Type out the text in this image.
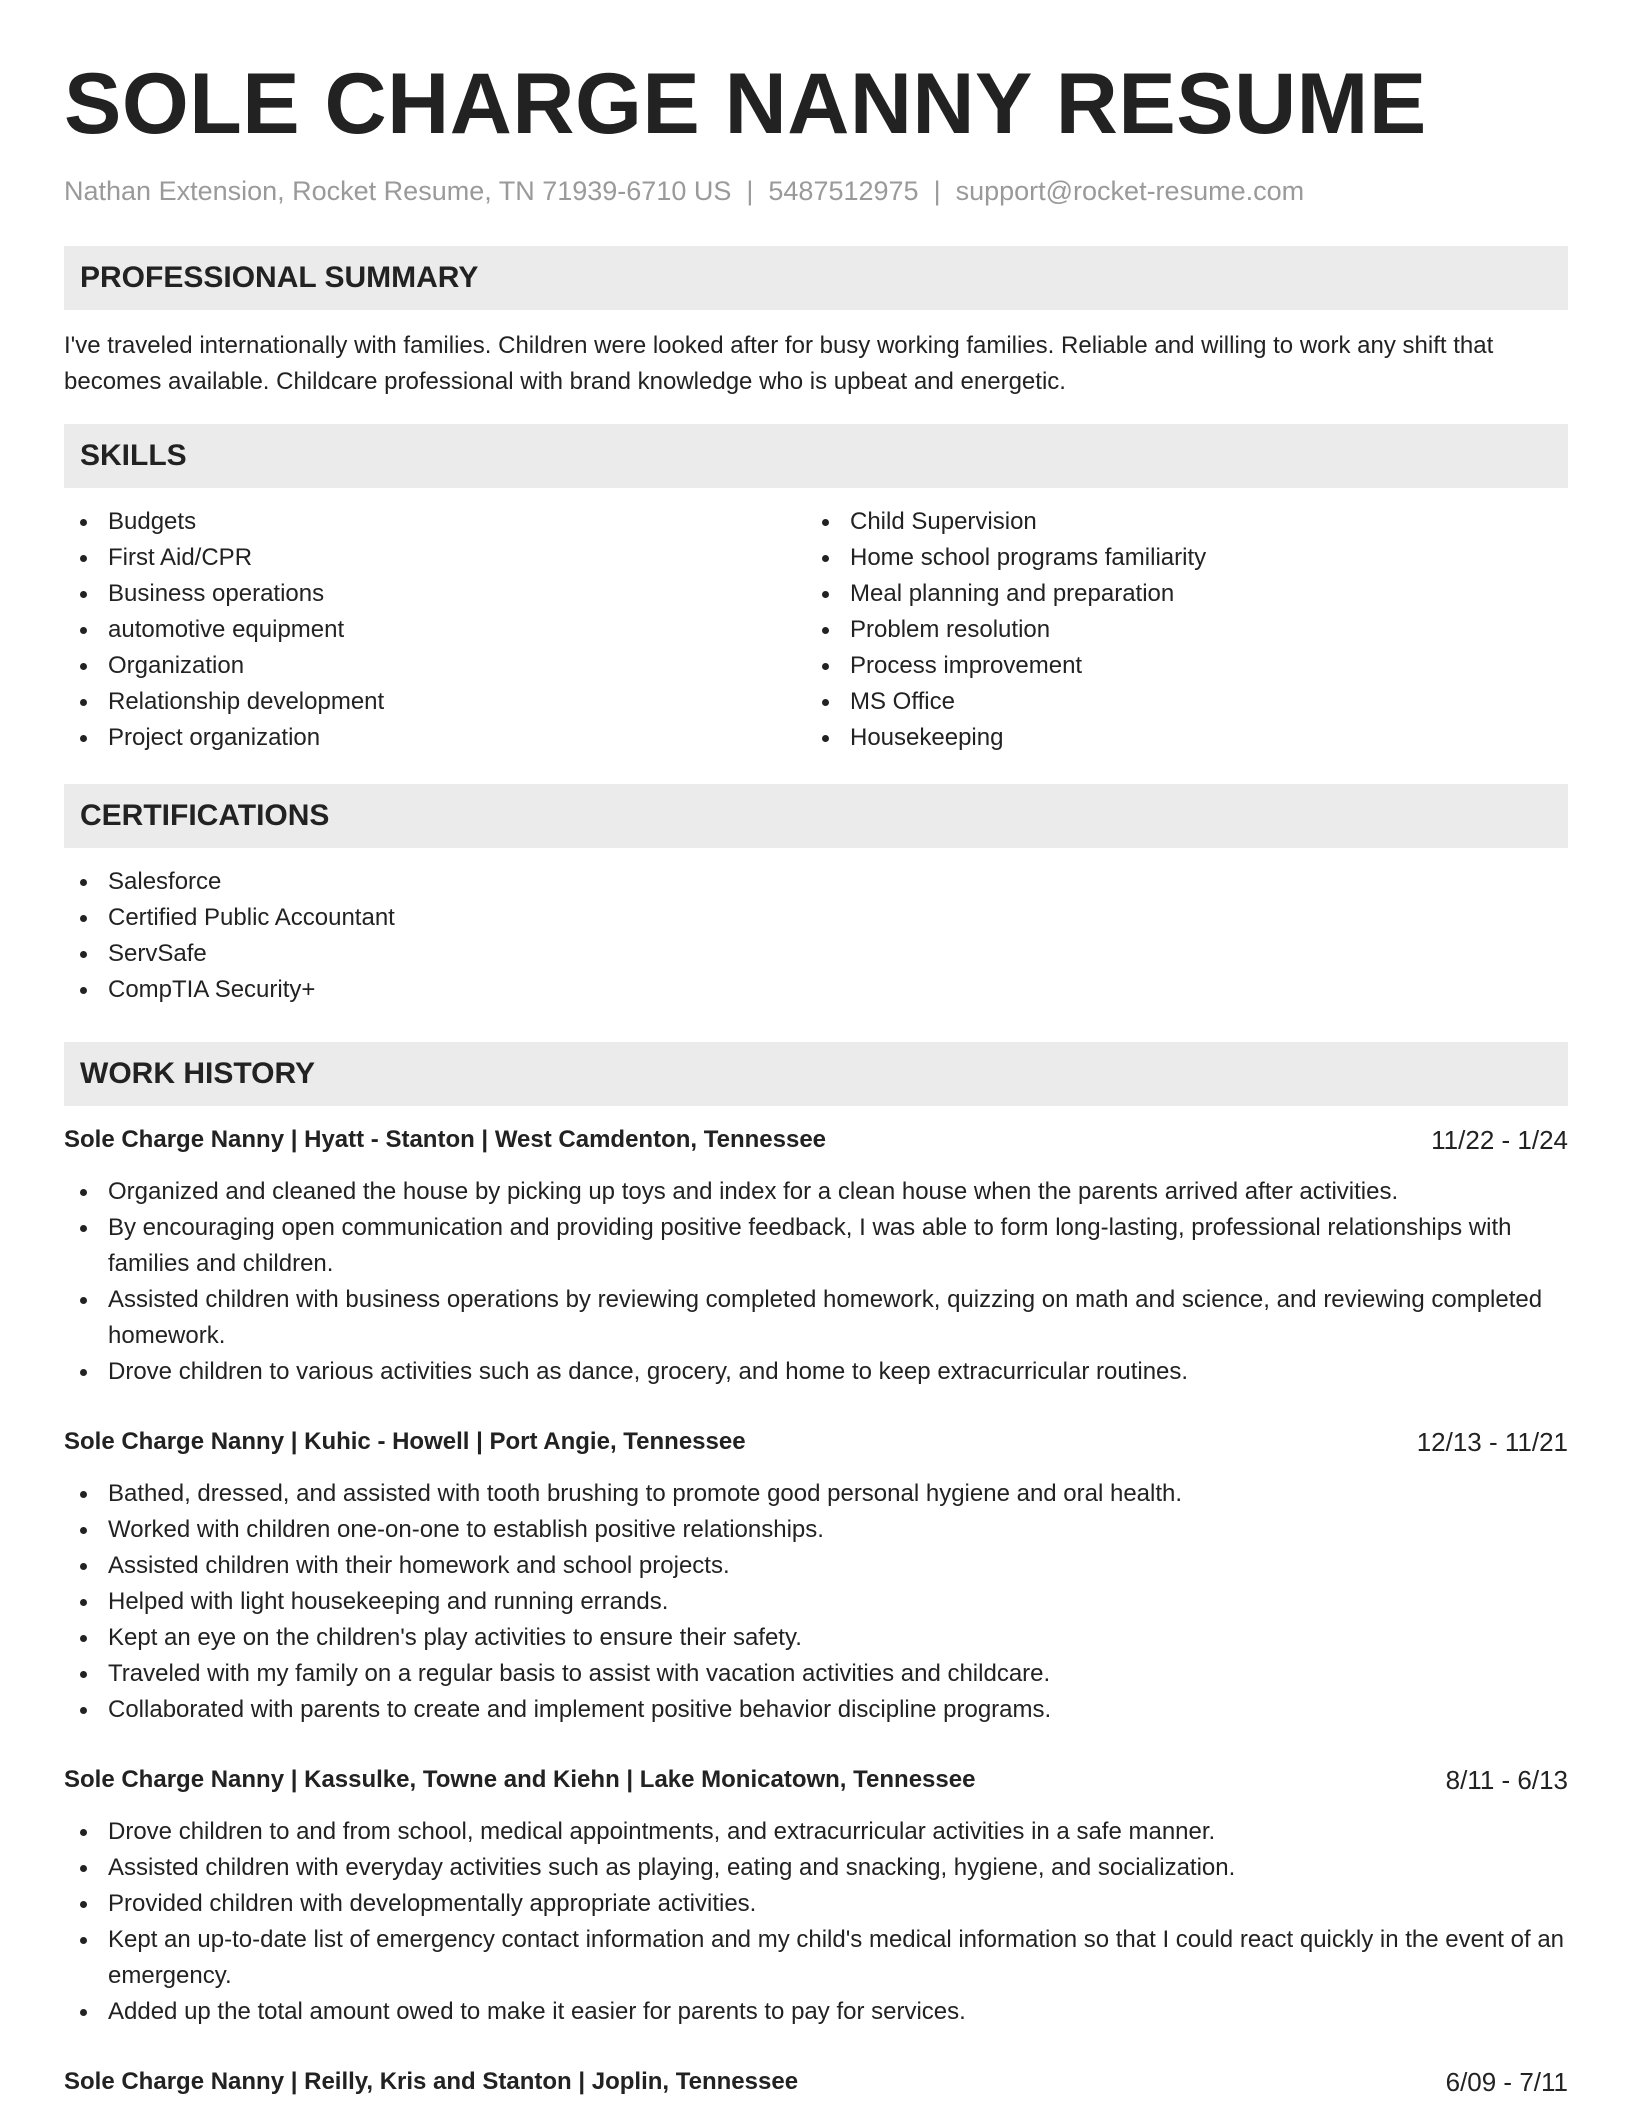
SOLE CHARGE NANNY RESUME
Nathan Extension, Rocket Resume, TN 71939-6710 US | 5487512975 | support@rocket-resume.com
PROFESSIONAL SUMMARY

I've traveled internationally with families. Children were looked after for busy working families. Reliable and willing to work any shift that becomes available. Childcare professional with brand knowledge who is upbeat and energetic.

SKILLS
Budgets
First Aid/CPR
Business operations
automotive equipment
Organization
Relationship development
Project organization
Child Supervision
Home school programs familiarity
Meal planning and preparation
Problem resolution
Process improvement
MS Office
Housekeeping
CERTIFICATIONS
Salesforce
Certified Public Accountant
ServSafe
CompTIA Security+
WORK HISTORY
Sole Charge Nanny | Hyatt - Stanton | West Camdenton, Tennessee	11/22 - 1/24
Organized and cleaned the house by picking up toys and index for a clean house when the parents arrived after activities.
By encouraging open communication and providing positive feedback, I was able to form long-lasting, professional relationships with families and children.
Assisted children with business operations by reviewing completed homework, quizzing on math and science, and reviewing completed homework.
Drove children to various activities such as dance, grocery, and home to keep extracurricular routines.
Sole Charge Nanny | Kuhic - Howell | Port Angie, Tennessee	12/13 - 11/21
Bathed, dressed, and assisted with tooth brushing to promote good personal hygiene and oral health.
Worked with children one-on-one to establish positive relationships.
Assisted children with their homework and school projects.
Helped with light housekeeping and running errands.
Kept an eye on the children's play activities to ensure their safety.
Traveled with my family on a regular basis to assist with vacation activities and childcare.
Collaborated with parents to create and implement positive behavior discipline programs.
Sole Charge Nanny | Kassulke, Towne and Kiehn | Lake Monicatown, Tennessee	8/11 - 6/13
Drove children to and from school, medical appointments, and extracurricular activities in a safe manner.
Assisted children with everyday activities such as playing, eating and snacking, hygiene, and socialization.
Provided children with developmentally appropriate activities.
Kept an up-to-date list of emergency contact information and my child's medical information so that I could react quickly in the event of an emergency.
Added up the total amount owed to make it easier for parents to pay for services.
Sole Charge Nanny | Reilly, Kris and Stanton | Joplin, Tennessee	6/09 - 7/11
